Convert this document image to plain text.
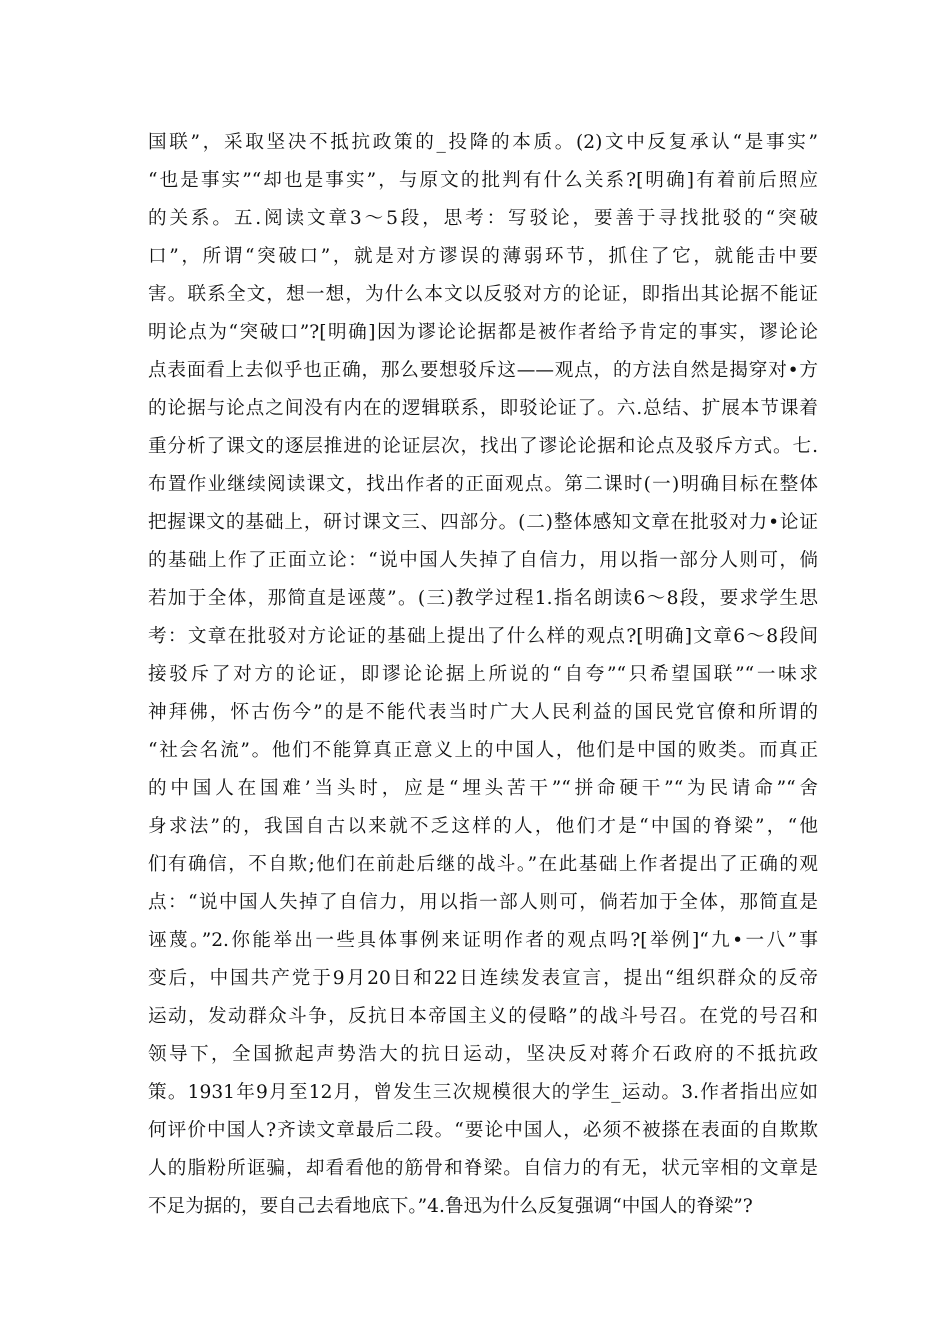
国联”，采取坚决不抵抗政策的_投降的本质。(2)文中反复承认“是事实”
“也是事实”“却也是事实”，与原文的批判有什么关系?[明确]有着前后照应
的关系。五.阅读文章3～5段，思考：写驳论，要善于寻找批驳的“突破
口”，所谓“突破口”，就是对方谬误的薄弱环节，抓住了它，就能击中要
害。联系全文，想一想，为什么本文以反驳对方的论证，即指出其论据不能证
明论点为“突破口”?[明确]因为谬论论据都是被作者给予肯定的事实，谬论论
点表面看上去似乎也正确，那么要想驳斥这——观点，的方法自然是揭穿对•方
的论据与论点之间没有内在的逻辑联系，即驳论证了。六.总结、扩展本节课着
重分析了课文的逐层推进的论证层次，找出了谬论论据和论点及驳斥方式。七.
布置作业继续阅读课文，找出作者的正面观点。第二课时(一)明确目标在整体
把握课文的基础上，研讨课文三、四部分。(二)整体感知文章在批驳对力•论证
的基础上作了正面立论：“说中国人失掉了自信力，用以指一部分人则可，倘
若加于全体，那简直是诬蔑”。(三)教学过程1.指名朗读6～8段，要求学生思
考：文章在批驳对方论证的基础上提出了什么样的观点?[明确]文章6～8段间
接驳斥了对方的论证，即谬论论据上所说的“自夸”“只希望国联”“一味求
神拜佛，怀古伤今”的是不能代表当时广大人民利益的国民党官僚和所谓的
“社会名流”。他们不能算真正意义上的中国人，他们是中国的败类。而真正
的中国人在国难’当头时，应是“埋头苦干”“拼命硬干”“为民请命”“舍
身求法”的，我国自古以来就不乏这样的人，他们才是“中国的脊梁”，“他
们有确信，不自欺;他们在前赴后继的战斗。”在此基础上作者提出了正确的观
点：“说中国人失掉了自信力，用以指一部人则可，倘若加于全体，那简直是
诬蔑。”2.你能举出一些具体事例来证明作者的观点吗?[举例]“九•一八”事
变后，中国共产党于9月20日和22日连续发表宣言，提出“组织群众的反帝
运动，发动群众斗争，反抗日本帝国主义的侵略”的战斗号召。在党的号召和
领导下，全国掀起声势浩大的抗日运动，坚决反对蒋介石政府的不抵抗政
策。1931年9月至12月，曾发生三次规模很大的学生_运动。3.作者指出应如
何评价中国人?齐读文章最后二段。“要论中国人，必须不被搽在表面的自欺欺
人的脂粉所诓骗，却看看他的筋骨和脊梁。自信力的有无，状元宰相的文章是
不足为据的，要自己去看地底下。”4.鲁迅为什么反复强调“中国人的脊梁”?
